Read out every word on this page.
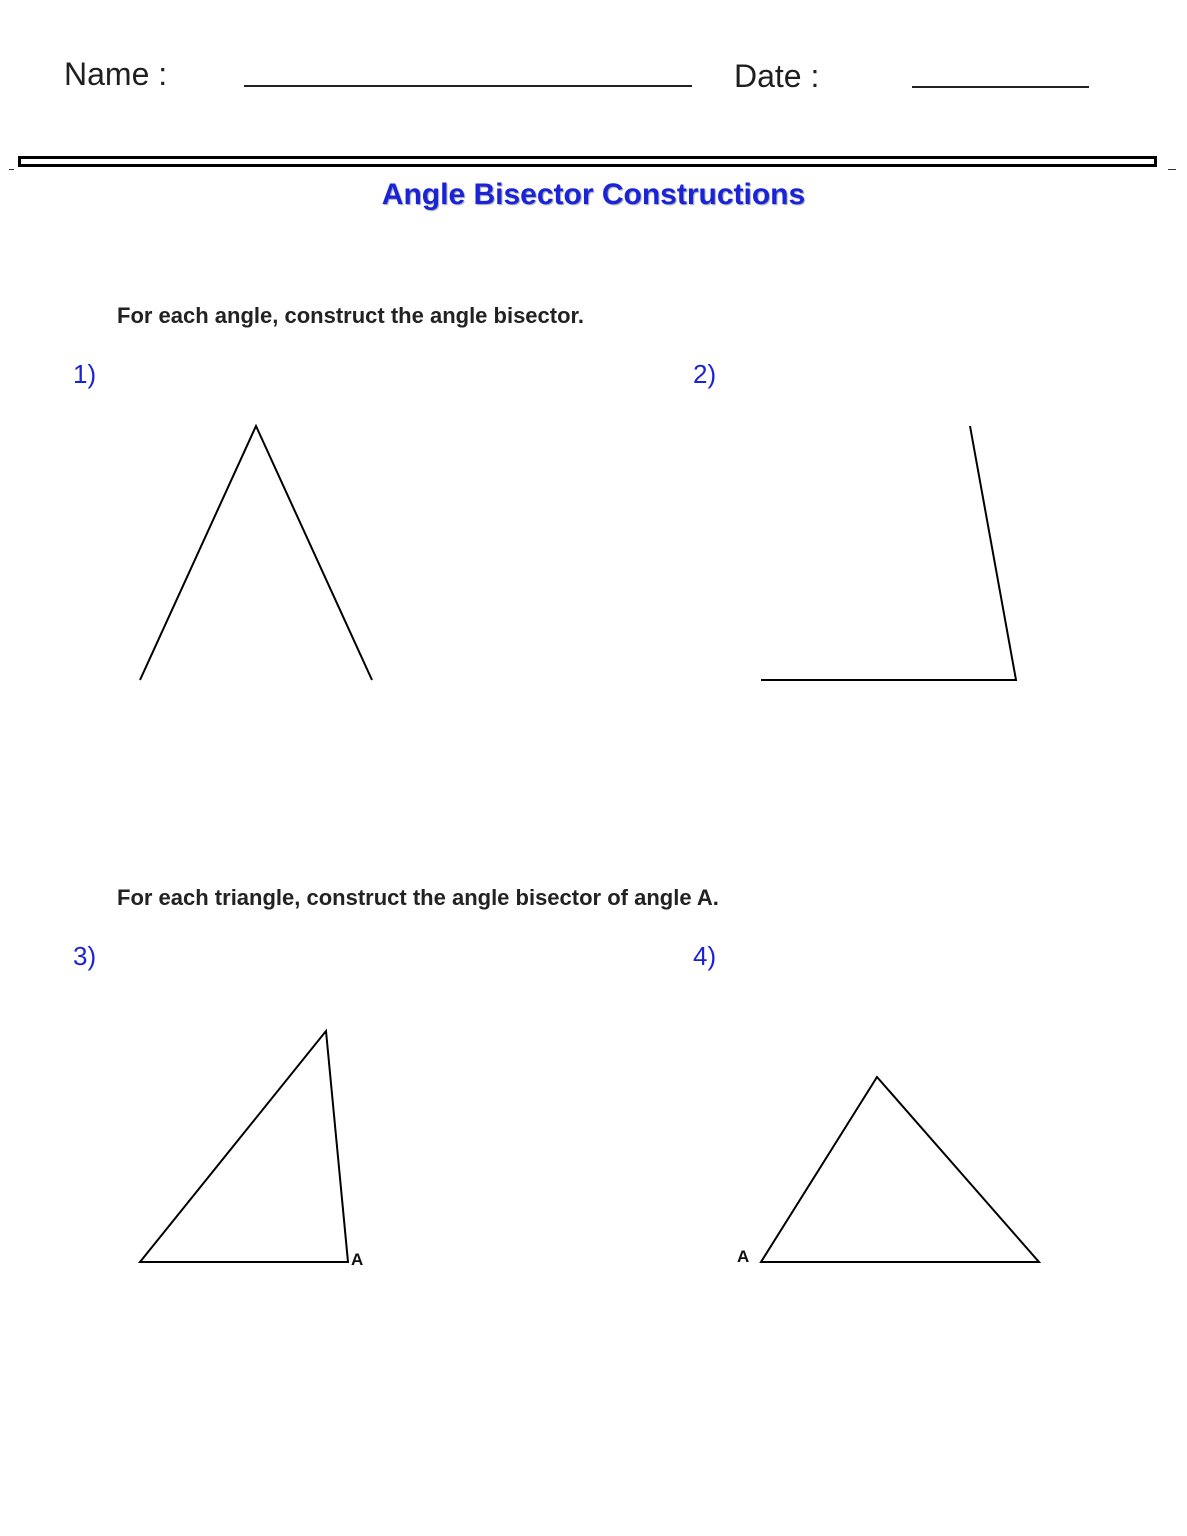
Name :	Date :
Angle Bisector Constructions
For each angle, construct the angle bisector.
1)	2)
For each triangle, construct the angle bisector of angle A.
3)	4)
A	A
